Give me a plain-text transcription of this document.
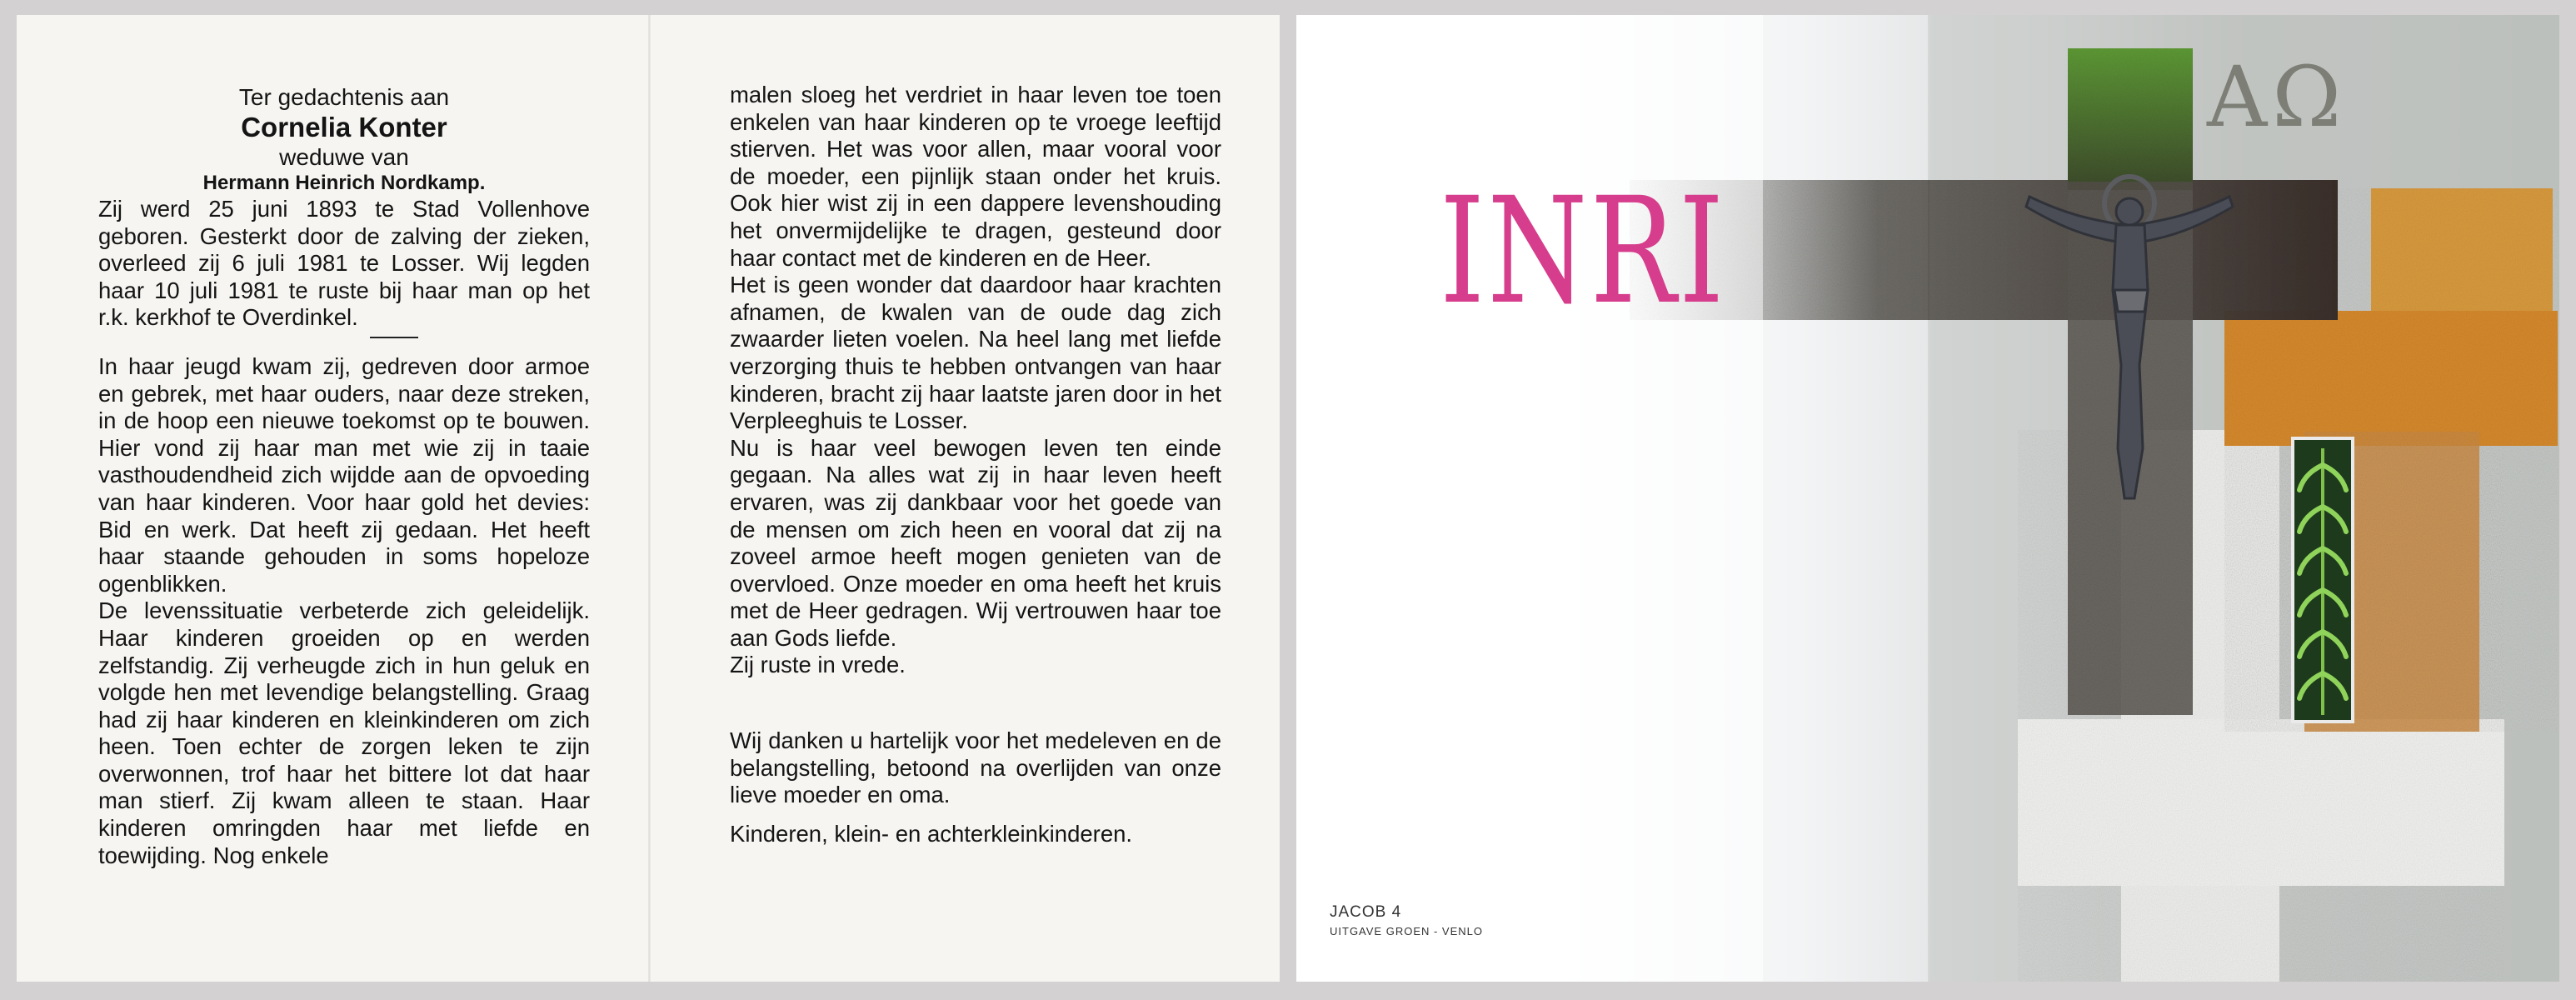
Ter gedachtenis aan
Cornelia Konter
weduwe van
Hermann Heinrich Nordkamp.

Zij werd 25 juni 1893 te Stad Vollenhove geboren. Gesterkt door de zalving der zieken, overleed zij 6 juli 1981 te Losser. Wij legden haar 10 juli 1981 te ruste bij haar man op het r.k. kerkhof te Overdinkel.

In haar jeugd kwam zij, gedreven door armoe en gebrek, met haar ouders, naar deze streken, in de hoop een nieuwe toekomst op te bouwen. Hier vond zij haar man met wie zij in taaie vasthoudendheid zich wijdde aan de opvoeding van haar kinderen. Voor haar gold het devies: Bid en werk. Dat heeft zij gedaan. Het heeft haar staande gehouden in soms hopeloze ogenblikken.

De levenssituatie verbeterde zich geleidelijk. Haar kinderen groeiden op en werden zelfstandig. Zij verheugde zich in hun geluk en volgde hen met levendige belangstelling. Graag had zij haar kinderen en kleinkinderen om zich heen. Toen echter de zorgen leken te zijn overwonnen, trof haar het bittere lot dat haar man stierf. Zij kwam alleen te staan. Haar kinderen omringden haar met liefde en toewijding. Nog enkele

malen sloeg het verdriet in haar leven toe toen enkelen van haar kinderen op te vroege leeftijd stierven. Het was voor allen, maar vooral voor de moeder, een pijnlijk staan onder het kruis. Ook hier wist zij in een dappere levenshouding het onvermijdelijke te dragen, gesteund door haar contact met de kinderen en de Heer.

Het is geen wonder dat daardoor haar krachten afnamen, de kwalen van de oude dag zich zwaarder lieten voelen. Na heel lang met liefde verzorging thuis te hebben ontvangen van haar kinderen, bracht zij haar laatste jaren door in het Verpleeghuis te Losser.

Nu is haar veel bewogen leven ten einde gegaan. Na alles wat zij in haar leven heeft ervaren, was zij dankbaar voor het goede van de mensen om zich heen en vooral dat zij na zoveel armoe heeft mogen genieten van de overvloed. Onze moeder en oma heeft het kruis met de Heer gedragen. Wij vertrouwen haar toe aan Gods liefde.

Zij ruste in vrede.

Wij danken u hartelijk voor het medeleven en de belangstelling, betoond na overlijden van onze lieve moeder en oma.

Kinderen, klein- en achterkleinkinderen.

INRI
AΩ
JACOB 4
UITGAVE GROEN - VENLO
